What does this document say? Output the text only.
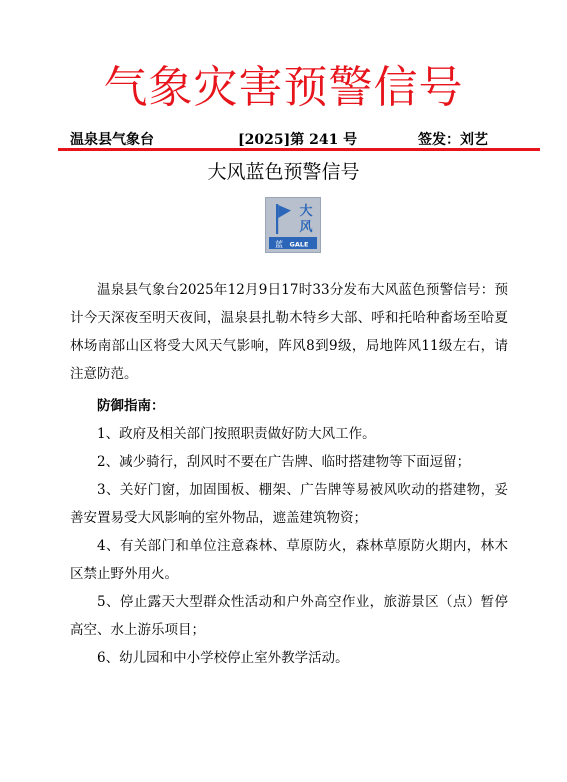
气象灾害预警信号
温泉县气象台	[2025]第 241 号	签发：刘艺
大风蓝色预警信号
大
风
蓝 GALE

温泉县气象台2025年12月9日17时33分发布大风蓝色预警信号：预计今天深夜至明天夜间，温泉县扎勒木特乡大部、呼和托哈种畜场至哈夏林场南部山区将受大风天气影响，阵风8到9级，局地阵风11级左右，请注意防范。

防御指南：

1、政府及相关部门按照职责做好防大风工作。

2、减少骑行，刮风时不要在广告牌、临时搭建物等下面逗留；

3、关好门窗，加固围板、棚架、广告牌等易被风吹动的搭建物，妥善安置易受大风影响的室外物品，遮盖建筑物资；

4、有关部门和单位注意森林、草原防火，森林草原防火期内，林木区禁止野外用火。

5、停止露天大型群众性活动和户外高空作业，旅游景区（点）暂停高空、水上游乐项目；

6、幼儿园和中小学校停止室外教学活动。
